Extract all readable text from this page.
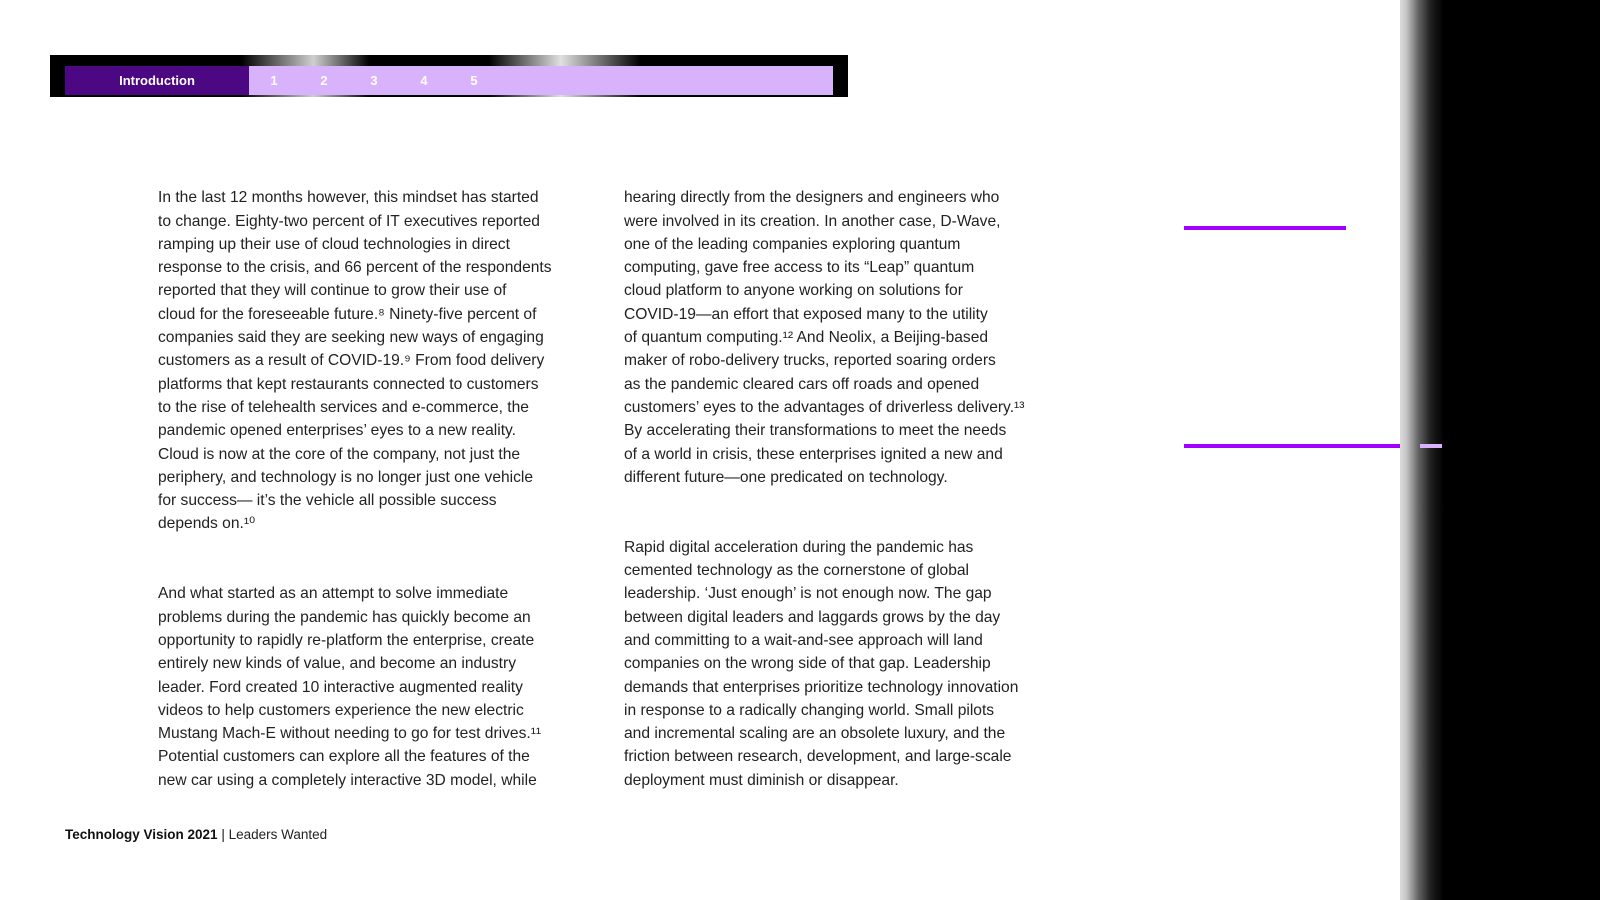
Introduction	1	2	3	4	5

In the last 12 months however, this mindset has started
to change. Eighty-two percent of IT executives reported
ramping up their use of cloud technologies in direct
response to the crisis, and 66 percent of the respondents
reported that they will continue to grow their use of
cloud for the foreseeable future.⁸ Ninety-five percent of
companies said they are seeking new ways of engaging
customers as a result of COVID-19.⁹ From food delivery
platforms that kept restaurants connected to customers
to the rise of telehealth services and e-commerce, the
pandemic opened enterprises’ eyes to a new reality.
Cloud is now at the core of the company, not just the
periphery, and technology is no longer just one vehicle
for success— it’s the vehicle all possible success
depends on.¹⁰

And what started as an attempt to solve immediate
problems during the pandemic has quickly become an
opportunity to rapidly re-platform the enterprise, create
entirely new kinds of value, and become an industry
leader. Ford created 10 interactive augmented reality
videos to help customers experience the new electric
Mustang Mach-E without needing to go for test drives.¹¹
Potential customers can explore all the features of the
new car using a completely interactive 3D model, while

hearing directly from the designers and engineers who
were involved in its creation. In another case, D-Wave,
one of the leading companies exploring quantum
computing, gave free access to its “Leap” quantum
cloud platform to anyone working on solutions for
COVID-19—an effort that exposed many to the utility
of quantum computing.¹² And Neolix, a Beijing-based
maker of robo-delivery trucks, reported soaring orders
as the pandemic cleared cars off roads and opened
customers’ eyes to the advantages of driverless delivery.¹³
By accelerating their transformations to meet the needs
of a world in crisis, these enterprises ignited a new and
different future—one predicated on technology.

Rapid digital acceleration during the pandemic has
cemented technology as the cornerstone of global
leadership. ‘Just enough’ is not enough now. The gap
between digital leaders and laggards grows by the day
and committing to a wait-and-see approach will land
companies on the wrong side of that gap. Leadership
demands that enterprises prioritize technology innovation
in response to a radically changing world. Small pilots
and incremental scaling are an obsolete luxury, and the
friction between research, development, and large-scale
deployment must diminish or disappear.

Technology Vision 2021 | Leaders Wanted
